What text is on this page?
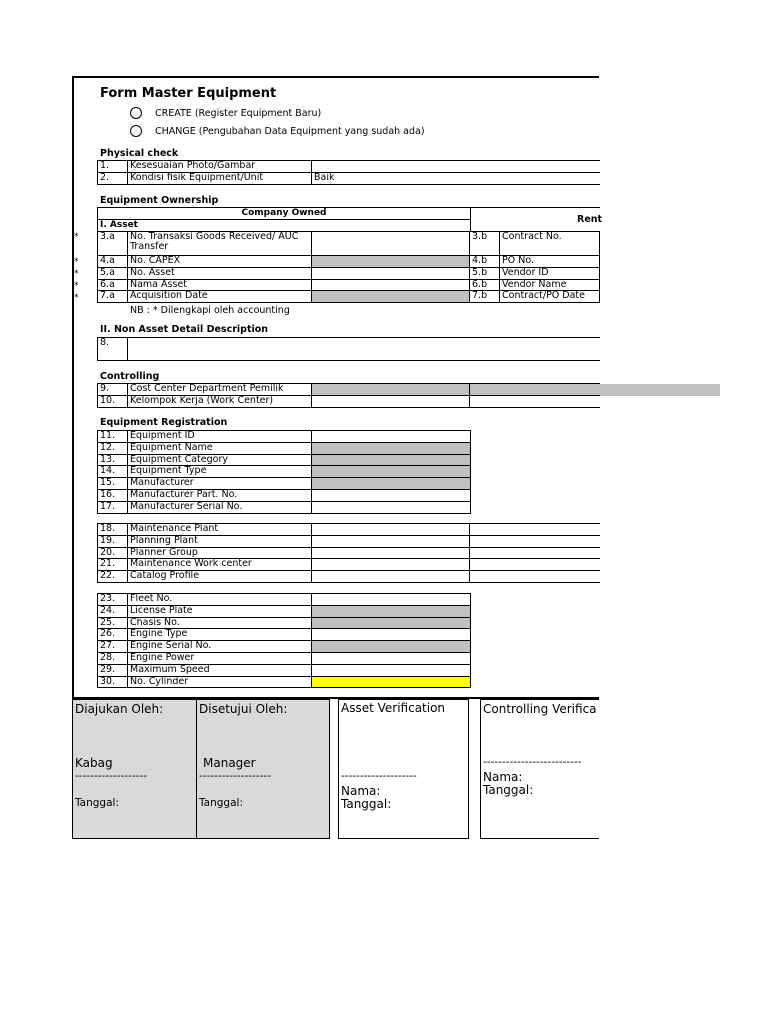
Form Master Equipment
CREATE (Register Equipment Baru)
CHANGE (Pengubahan Data Equipment yang sudah ada)
Physical check
1.	Kesesuaian Photo/Gambar	
2.	Kondisi fisik Equipment/Unit	Baik
Equipment Ownership
Company Owned
I. Asset	Rent
*
*
*
*
*
3.a	No. Transaksi Goods Received/ AUC
Transfer		3.b	Contract No.
4.a	No. CAPEX		4.b	PO No.
5.a	No. Asset		5.b	Vendor ID
6.a	Nama Asset		6.b	Vendor Name
7.a	Acquisition Date		7.b	Contract/PO Date
NB : * Dilengkapi oleh accounting
II. Non Asset Detail Description
8.	
Controlling
9.	Cost Center Department Pemilik		
10.	Kelompok Kerja (Work Center)		
Equipment Registration
11.	Equipment ID	
12.	Equipment Name	
13.	Equipment Category	
14.	Equipment Type	
15.	Manufacturer	
16.	Manufacturer Part. No.	
17.	Manufacturer Serial No.	
18.	Maintenance Plant		
19.	Planning Plant		
20.	Planner Group		
21.	Maintenance Work center		
22.	Catalog Profile		
23.	Fleet No.	
24.	License Plate	
25.	Chasis No.	
26.	Engine Type	
27.	Engine Serial No.	
28.	Engine Power	
29.	Maximum Speed	
30.	No. Cylinder	
Diajukan Oleh:
Kabag
-------------------
Tanggal:
Disetujui Oleh:
Manager
-------------------
Tanggal:
Asset Verification
--------------------
Nama:
Tanggal:
Controlling Verifica
--------------------------
Nama:
Tanggal:
